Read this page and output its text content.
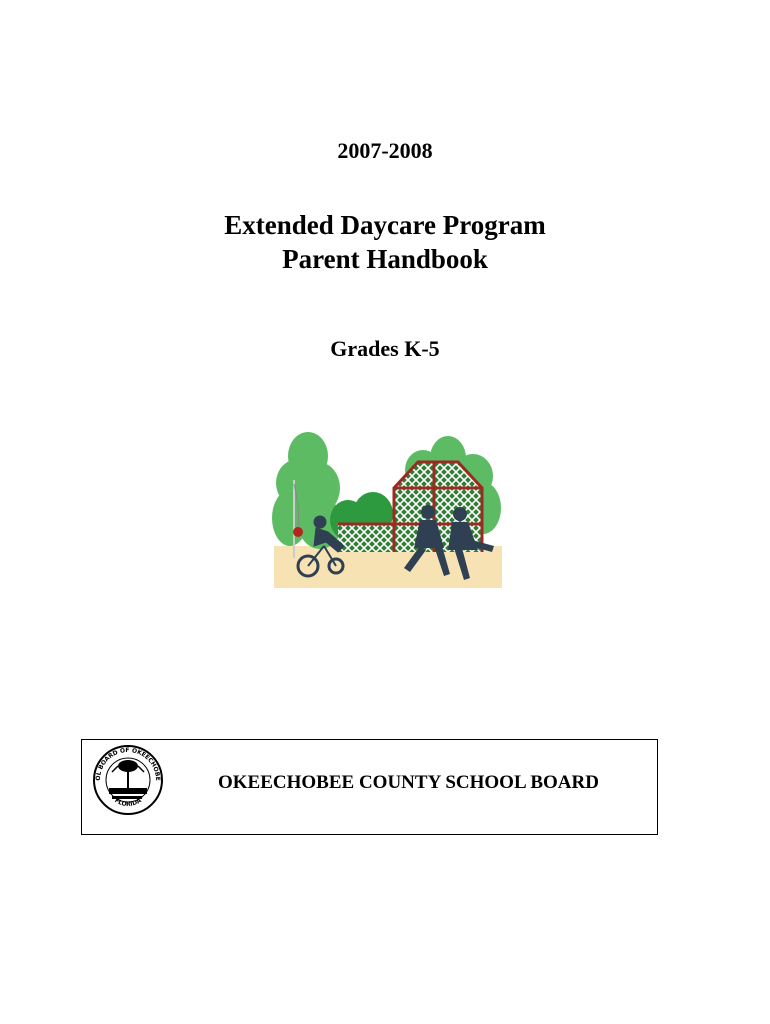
2007-2008
Extended Daycare Program
Parent Handbook
Grades K-5
OL BOARD OF OKEECHOBE
FLORIDA
OKEECHOBEE COUNTY SCHOOL BOARD
